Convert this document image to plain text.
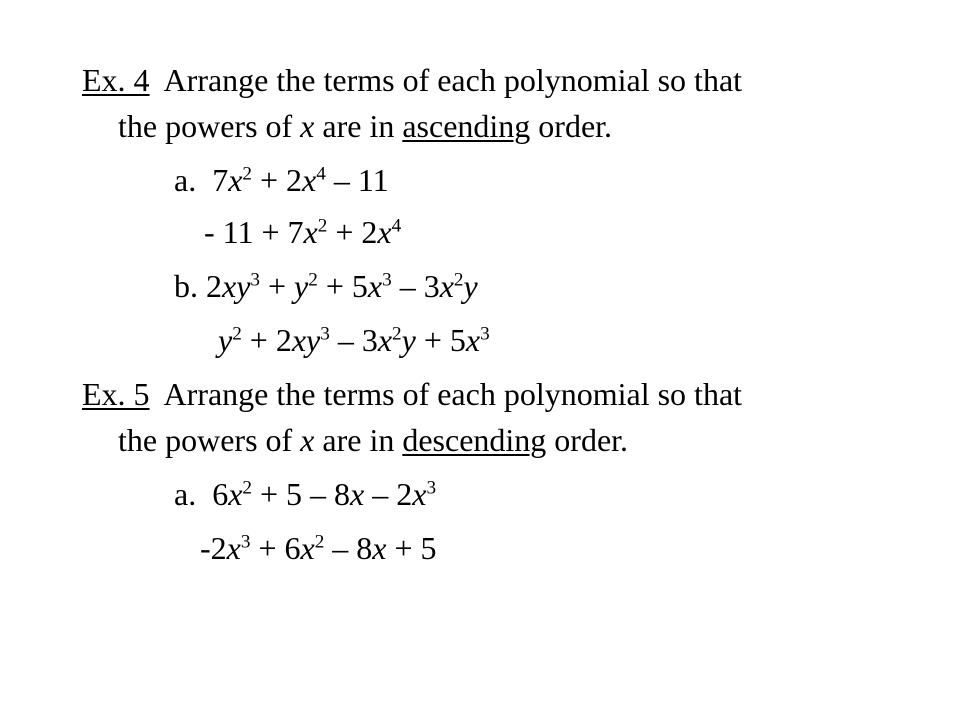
Ex. 4 Arrange the terms of each polynomial so that
the powers of x are in ascending order.
a. $7x^2 + 2x^4 - 11$
- $11 + 7x^2 + 2x^4$
b. $2xy^3 + y^2 + 5x^3 - 3x^2y$
$y^2 + 2xy^3 - 3x^2y + 5x^3$
Ex. 5 Arrange the terms of each polynomial so that
the powers of x are in descending order.
a. $6x^2 + 5 - 8x - 2x^3$
$-2x^3 + 6x^2 - 8x + 5$
